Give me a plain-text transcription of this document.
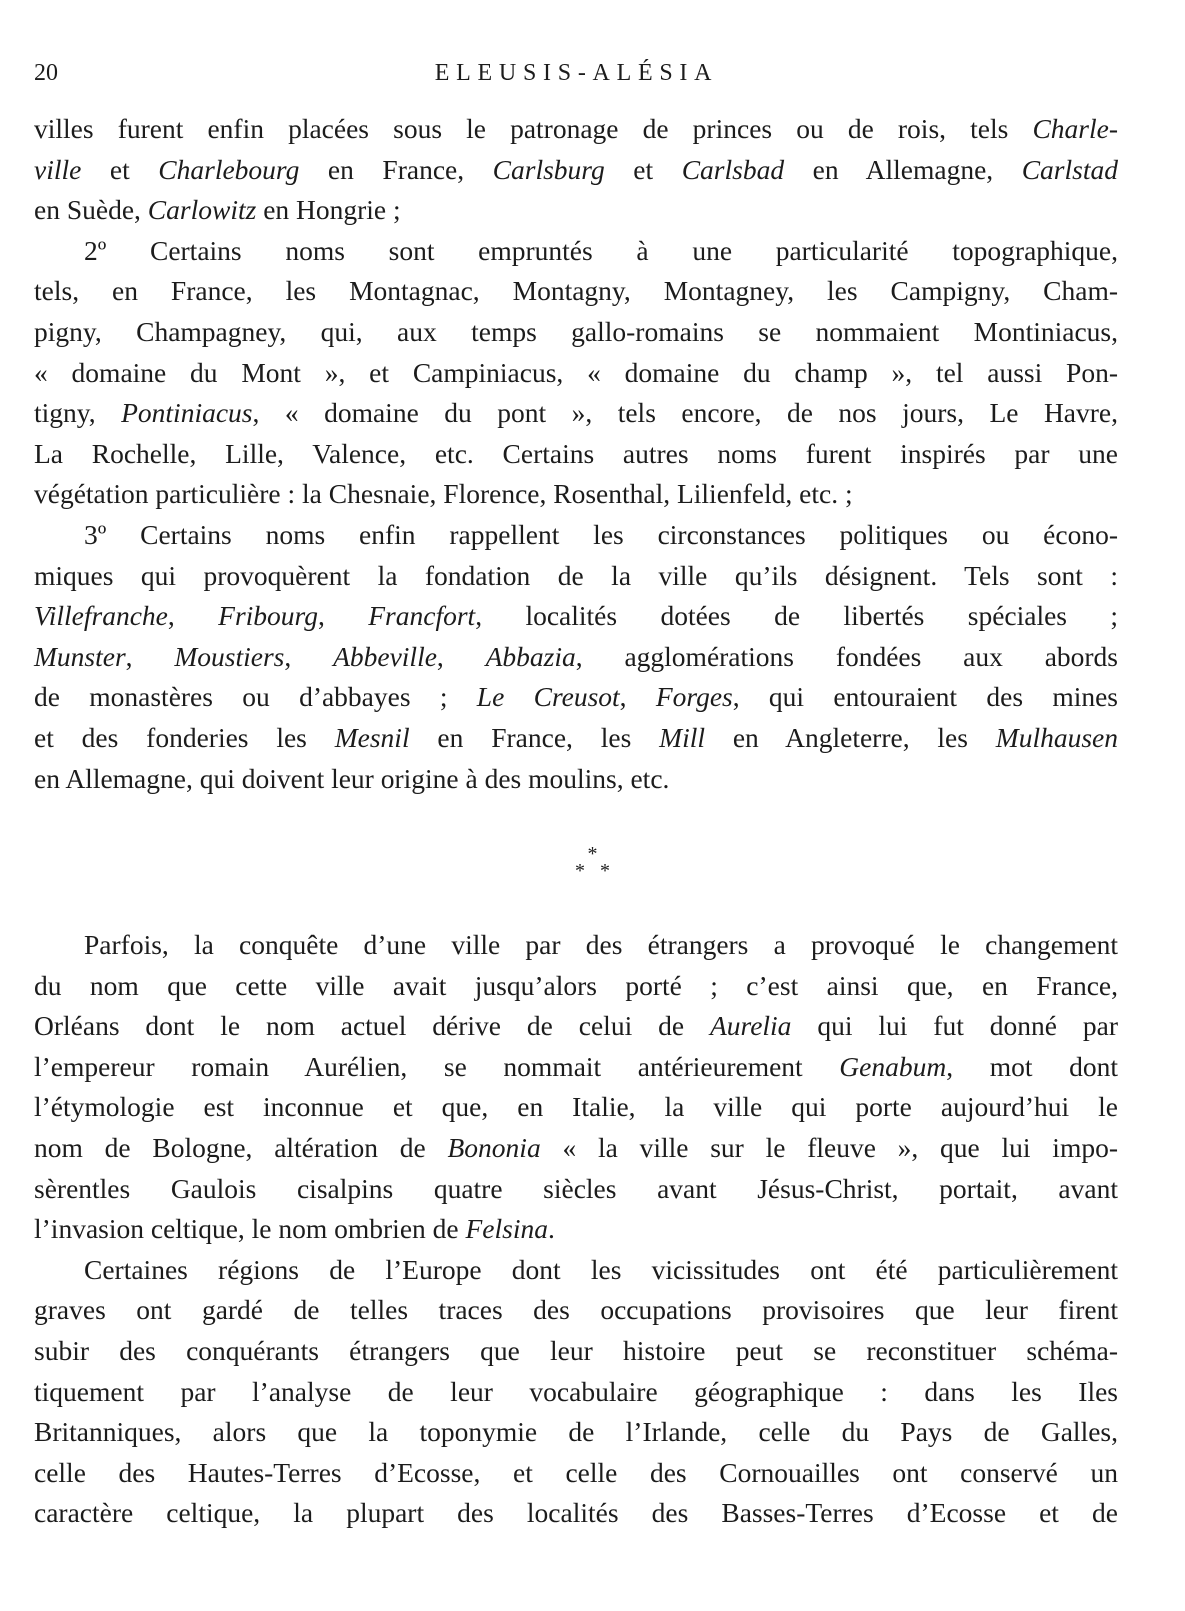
20	ELEUSIS-ALÉSIA
villes furent enfin placées sous le patronage de princes ou de rois, tels Charle-
ville et Charlebourg en France, Carlsburg et Carlsbad en Allemagne, Carlstad
en Suède, Carlowitz en Hongrie ;
2º Certains noms sont empruntés à une particularité topographique,
tels, en France, les Montagnac, Montagny, Montagney, les Campigny, Cham-
pigny, Champagney, qui, aux temps gallo-romains se nommaient Montiniacus,
« domaine du Mont », et Campiniacus, « domaine du champ », tel aussi Pon-
tigny, Pontiniacus, « domaine du pont », tels encore, de nos jours, Le Havre,
La Rochelle, Lille, Valence, etc. Certains autres noms furent inspirés par une
végétation particulière : la Chesnaie, Florence, Rosenthal, Lilienfeld, etc. ;
3º Certains noms enfin rappellent les circonstances politiques ou écono-
miques qui provoquèrent la fondation de la ville qu’ils désignent. Tels sont :
Villefranche, Fribourg, Francfort, localités dotées de libertés spéciales ;
Munster, Moustiers, Abbeville, Abbazia, agglomérations fondées aux abords
de monastères ou d’abbayes ; Le Creusot, Forges, qui entouraient des mines
et des fonderies les Mesnil en France, les Mill en Angleterre, les Mulhausen
en Allemagne, qui doivent leur origine à des moulins, etc.
*
* *
Parfois, la conquête d’une ville par des étrangers a provoqué le changement
du nom que cette ville avait jusqu’alors porté ; c’est ainsi que, en France,
Orléans dont le nom actuel dérive de celui de Aurelia qui lui fut donné par
l’empereur romain Aurélien, se nommait antérieurement Genabum, mot dont
l’étymologie est inconnue et que, en Italie, la ville qui porte aujourd’hui le
nom de Bologne, altération de Bononia « la ville sur le fleuve », que lui impo-
sèrentles Gaulois cisalpins quatre siècles avant Jésus-Christ, portait, avant
l’invasion celtique, le nom ombrien de Felsina.
Certaines régions de l’Europe dont les vicissitudes ont été particulièrement
graves ont gardé de telles traces des occupations provisoires que leur firent
subir des conquérants étrangers que leur histoire peut se reconstituer schéma-
tiquement par l’analyse de leur vocabulaire géographique : dans les Iles
Britanniques, alors que la toponymie de l’Irlande, celle du Pays de Galles,
celle des Hautes-Terres d’Ecosse, et celle des Cornouailles ont conservé un
caractère celtique, la plupart des localités des Basses-Terres d’Ecosse et de
